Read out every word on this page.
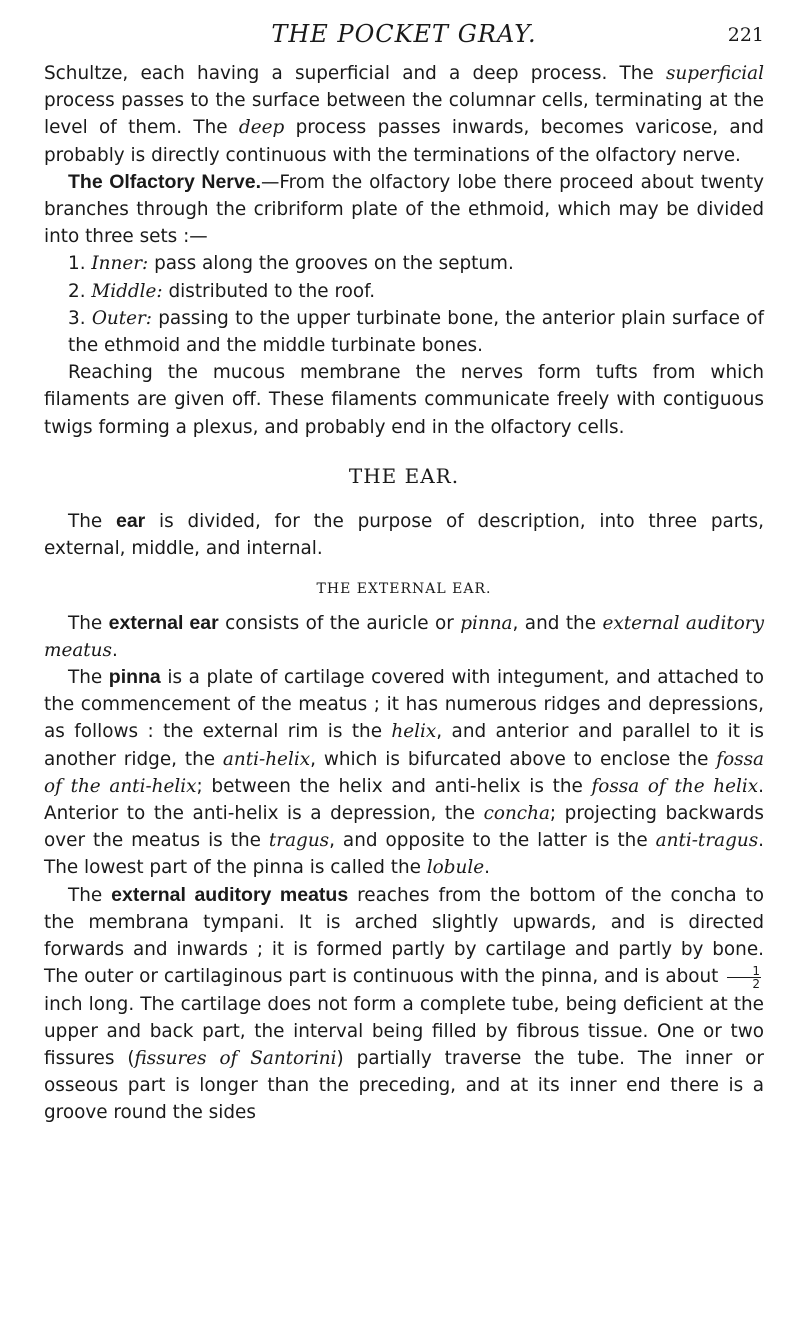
THE POCKET GRAY.	221

Schultze, each having a superficial and a deep process. The superficial process passes to the surface between the columnar cells, terminating at the level of them. The deep process passes inwards, becomes varicose, and probably is directly continuous with the terminations of the olfactory nerve.

The Olfactory Nerve.—From the olfactory lobe there proceed about twenty branches through the cribriform plate of the ethmoid, which may be divided into three sets :—

1. Inner: pass along the grooves on the septum.

2. Middle: distributed to the roof.

3. Outer: passing to the upper turbinate bone, the anterior plain surface of the ethmoid and the middle turbinate bones.

Reaching the mucous membrane the nerves form tufts from which filaments are given off. These filaments communicate freely with contiguous twigs forming a plexus, and probably end in the olfactory cells.

THE EAR.

The ear is divided, for the purpose of description, into three parts, external, middle, and internal.

THE EXTERNAL EAR.

The external ear consists of the auricle or pinna, and the external auditory meatus.

The pinna is a plate of cartilage covered with integument, and attached to the commencement of the meatus ; it has numerous ridges and depressions, as follows : the external rim is the helix, and anterior and parallel to it is another ridge, the anti-helix, which is bifurcated above to enclose the fossa of the anti-helix; between the helix and anti-helix is the fossa of the helix. Anterior to the anti-helix is a depression, the concha; projecting backwards over the meatus is the tragus, and opposite to the latter is the anti-tragus. The lowest part of the pinna is called the lobule.

The external auditory meatus reaches from the bottom of the concha to the membrana tympani. It is arched slightly upwards, and is directed forwards and inwards ; it is formed partly by cartilage and partly by bone. The outer or cartilaginous part is continuous with the pinna, and is about $\frac{1}{2}$
inch long. The cartilage does not form a complete tube, being deficient at the upper and back part, the interval being filled by fibrous tissue. One or two fissures (fissures of Santorini) partially traverse the tube. The inner or osseous part is longer than the preceding, and at its inner end there is a groove round the sides
